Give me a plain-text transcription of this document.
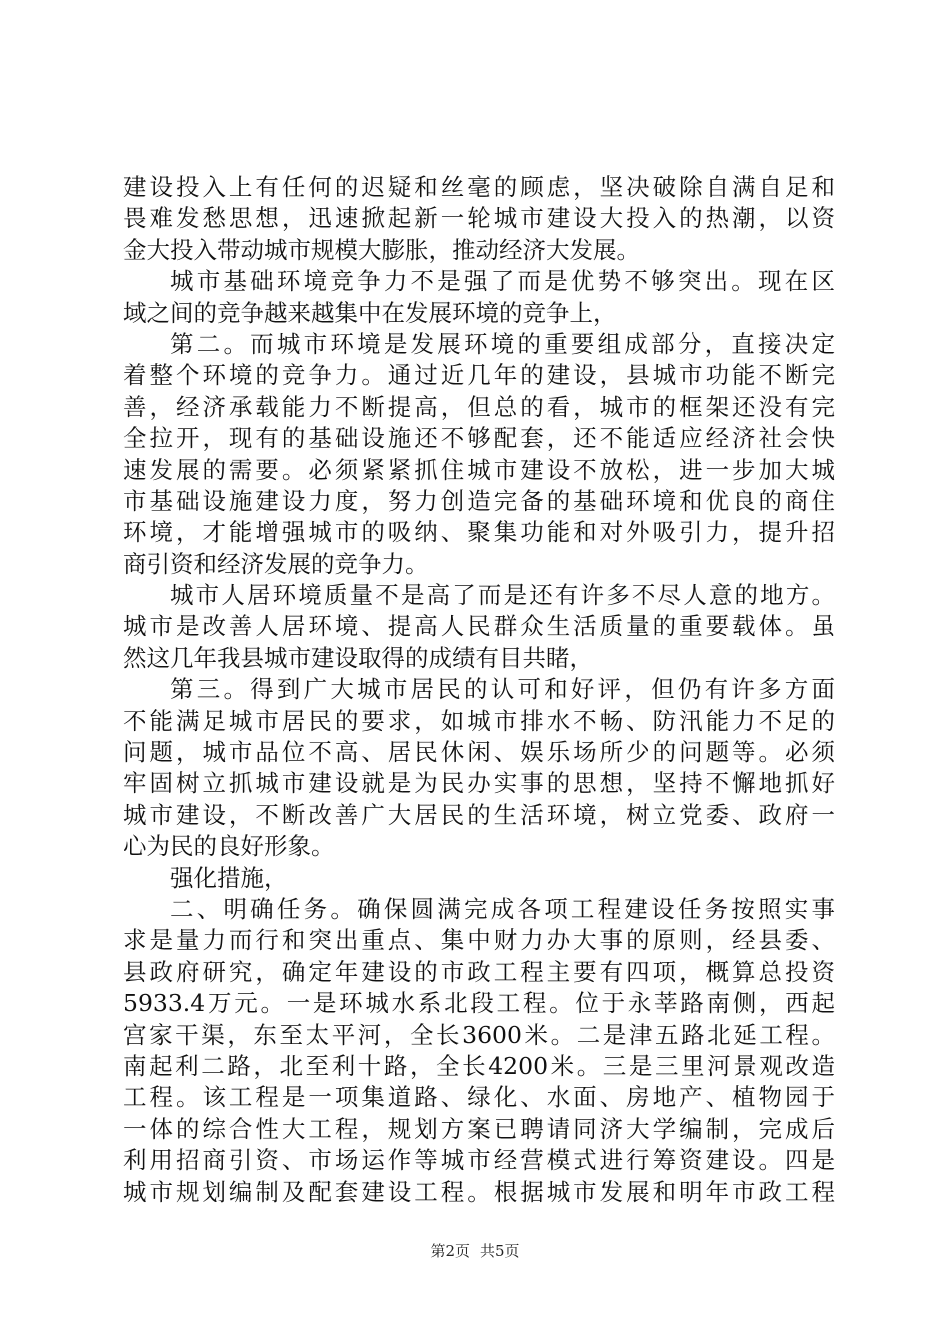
建设投入上有任何的迟疑和丝毫的顾虑，坚决破除自满自足和
畏难发愁思想，迅速掀起新一轮城市建设大投入的热潮，以资
金大投入带动城市规模大膨胀，推动经济大发展。
城市基础环境竞争力不是强了而是优势不够突出。现在区
域之间的竞争越来越集中在发展环境的竞争上，
第二。而城市环境是发展环境的重要组成部分，直接决定
着整个环境的竞争力。通过近几年的建设，县城市功能不断完
善，经济承载能力不断提高，但总的看，城市的框架还没有完
全拉开，现有的基础设施还不够配套，还不能适应经济社会快
速发展的需要。必须紧紧抓住城市建设不放松，进一步加大城
市基础设施建设力度，努力创造完备的基础环境和优良的商住
环境，才能增强城市的吸纳、聚集功能和对外吸引力，提升招
商引资和经济发展的竞争力。
城市人居环境质量不是高了而是还有许多不尽人意的地方。
城市是改善人居环境、提高人民群众生活质量的重要载体。虽
然这几年我县城市建设取得的成绩有目共睹，
第三。得到广大城市居民的认可和好评，但仍有许多方面
不能满足城市居民的要求，如城市排水不畅、防汛能力不足的
问题，城市品位不高、居民休闲、娱乐场所少的问题等。必须
牢固树立抓城市建设就是为民办实事的思想，坚持不懈地抓好
城市建设，不断改善广大居民的生活环境，树立党委、政府一
心为民的良好形象。
强化措施，
二、明确任务。确保圆满完成各项工程建设任务按照实事
求是量力而行和突出重点、集中财力办大事的原则，经县委、
县政府研究，确定年建设的市政工程主要有四项，概算总投资
5933.4万元。一是环城水系北段工程。位于永莘路南侧，西起
宫家干渠，东至太平河，全长3600米。二是津五路北延工程。
南起利二路，北至利十路，全长4200米。三是三里河景观改造
工程。该工程是一项集道路、绿化、水面、房地产、植物园于
一体的综合性大工程，规划方案已聘请同济大学编制，完成后
利用招商引资、市场运作等城市经营模式进行筹资建设。四是
城市规划编制及配套建设工程。根据城市发展和明年市政工程
第2页 共5页
